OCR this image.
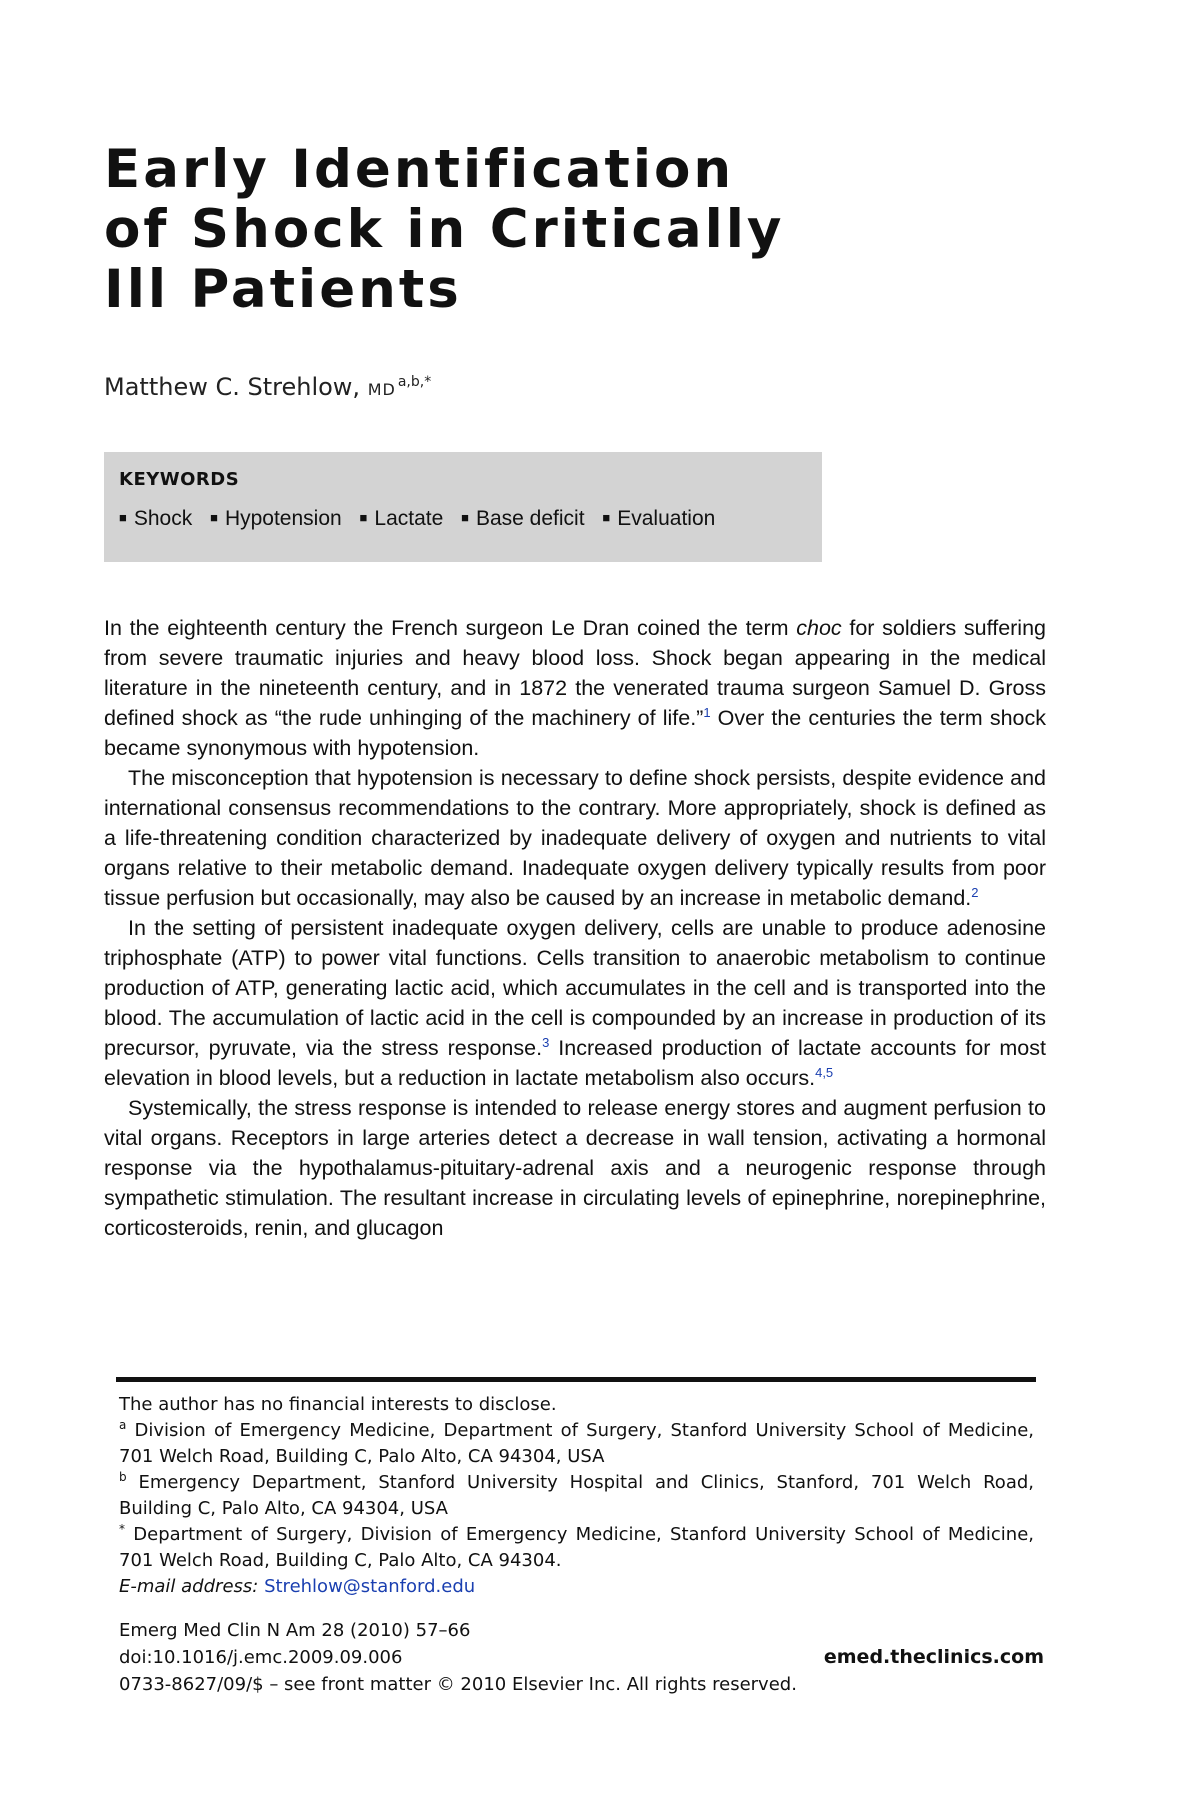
Early Identification
of Shock in Critically
Ill Patients
Matthew C. Strehlow, MD $^{a,b,*}$
KEYWORDS
■ Shock ■ Hypotension ■ Lactate ■ Base deficit ■ Evaluation

In the eighteenth century the French surgeon Le Dran coined the term choc for soldiers suffering from severe traumatic injuries and heavy blood loss. Shock began appearing in the medical literature in the nineteenth century, and in 1872 the venerated trauma surgeon Samuel D. Gross defined shock as “the rude unhinging of the machinery of life.”$^1$ Over the centuries the term shock became synonymous with hypotension.

The misconception that hypotension is necessary to define shock persists, despite evidence and international consensus recommendations to the contrary. More appropriately, shock is defined as a life-threatening condition characterized by inadequate delivery of oxygen and nutrients to vital organs relative to their metabolic demand. Inadequate oxygen delivery typically results from poor tissue perfusion but occasionally, may also be caused by an increase in metabolic demand.$^2$

In the setting of persistent inadequate oxygen delivery, cells are unable to produce adenosine triphosphate (ATP) to power vital functions. Cells transition to anaerobic metabolism to continue production of ATP, generating lactic acid, which accumulates in the cell and is transported into the blood. The accumulation of lactic acid in the cell is compounded by an increase in production of its precursor, pyruvate, via the stress response.$^3$ Increased production of lactate accounts for most elevation in blood levels, but a reduction in lactate metabolism also occurs.$^{4,5}$

Systemically, the stress response is intended to release energy stores and augment perfusion to vital organs. Receptors in large arteries detect a decrease in wall tension, activating a hormonal response via the hypothalamus-pituitary-adrenal axis and a neurogenic response through sympathetic stimulation. The resultant increase in circulating levels of epinephrine, norepinephrine, corticosteroids, renin, and glucagon

The author has no financial interests to disclose.

$^a$ Division of Emergency Medicine, Department of Surgery, Stanford University School of Medicine, 701 Welch Road, Building C, Palo Alto, CA 94304, USA

$^b$ Emergency Department, Stanford University Hospital and Clinics, Stanford, 701 Welch Road, Building C, Palo Alto, CA 94304, USA

* Department of Surgery, Division of Emergency Medicine, Stanford University School of Medicine, 701 Welch Road, Building C, Palo Alto, CA 94304.

E-mail address: Strehlow@stanford.edu

Emerg Med Clin N Am 28 (2010) 57–66
doi:10.1016/j.emc.2009.09.006
0733-8627/09/$ – see front matter © 2010 Elsevier Inc. All rights reserved.
emed.theclinics.com
